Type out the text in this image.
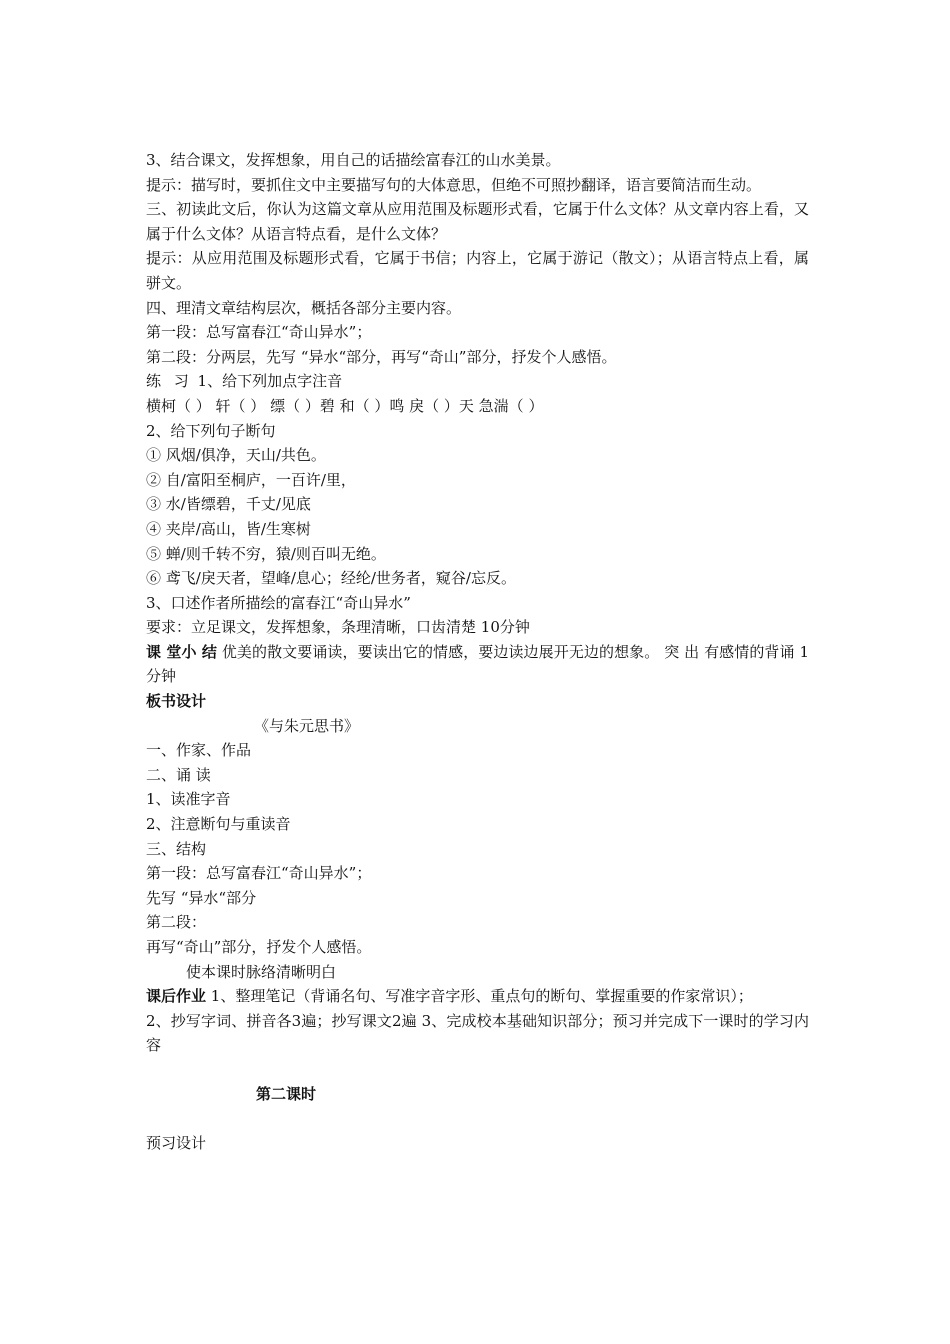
3、结合课文，发挥想象，用自己的话描绘富春江的山水美景。
提示：描写时，要抓住文中主要描写句的大体意思，但绝不可照抄翻译，语言要简洁而生动。
三、初读此文后，你认为这篇文章从应用范围及标题形式看，它属于什么文体？从文章内容上看，又属于什么文体？从语言特点看，是什么文体？
提示：从应用范围及标题形式看，它属于书信；内容上，它属于游记（散文）；从语言特点上看，属骈文。
四、理清文章结构层次，概括各部分主要内容。
第一段：总写富春江“奇山异水”；
第二段：分两层，先写 “异水“部分，再写“奇山”部分，抒发个人感悟。
练 习 1、给下列加点字注音
横柯（ ） 轩（ ） 缥（ ）碧 和（ ）鸣 戾（ ）天 急湍（ ）
2、给下列句子断句
① 风烟/俱净，天山/共色。
② 自/富阳至桐庐，一百许/里，
③ 水/皆缥碧，千丈/见底
④ 夹岸/高山，皆/生寒树
⑤ 蝉/则千转不穷，猿/则百叫无绝。
⑥ 鸢飞/戾天者，望峰/息心；经纶/世务者，窥谷/忘反。
3、口述作者所描绘的富春江“奇山异水”
要求：立足课文，发挥想象，条理清晰，口齿清楚 10分钟
课 堂小 结 优美的散文要诵读，要读出它的情感，要边读边展开无边的想象。 突 出 有感情的背诵 1分钟
板书设计
《与朱元思书》
一、作家、作品
二、诵 读
1、读准字音
2、注意断句与重读音
三、结构
第一段：总写富春江“奇山异水”；
先写 “异水“部分
第二段：
再写“奇山”部分，抒发个人感悟。
使本课时脉络清晰明白
课后作业 1、整理笔记（背诵名句、写准字音字形、重点句的断句、掌握重要的作家常识）；
2、抄写字词、拼音各3遍；抄写课文2遍 3、完成校本基础知识部分；预习并完成下一课时的学习内容
第二课时
预习设计
